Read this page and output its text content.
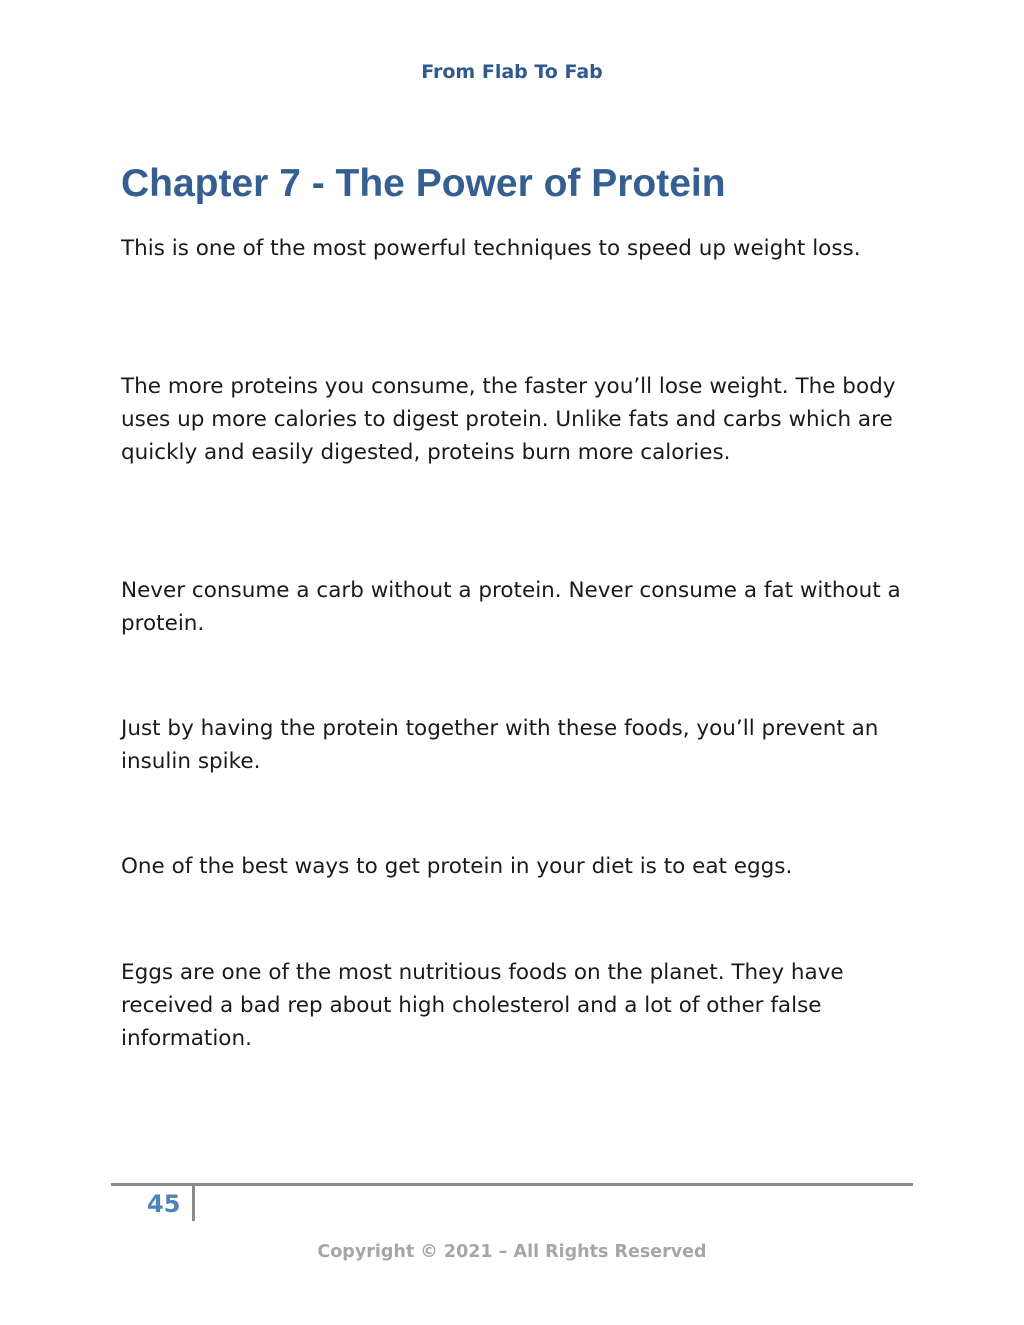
From Flab To Fab
Chapter 7 - The Power of Protein

This is one of the most powerful techniques to speed up weight loss.

The more proteins you consume, the faster you’ll lose weight. The body uses up more calories to digest protein. Unlike fats and carbs which are quickly and easily digested, proteins burn more calories.

Never consume a carb without a protein. Never consume a fat without a protein.

Just by having the protein together with these foods, you’ll prevent an insulin spike.

One of the best ways to get protein in your diet is to eat eggs.

Eggs are one of the most nutritious foods on the planet. They have received a bad rep about high cholesterol and a lot of other false information.

45
Copyright © 2021 – All Rights Reserved
